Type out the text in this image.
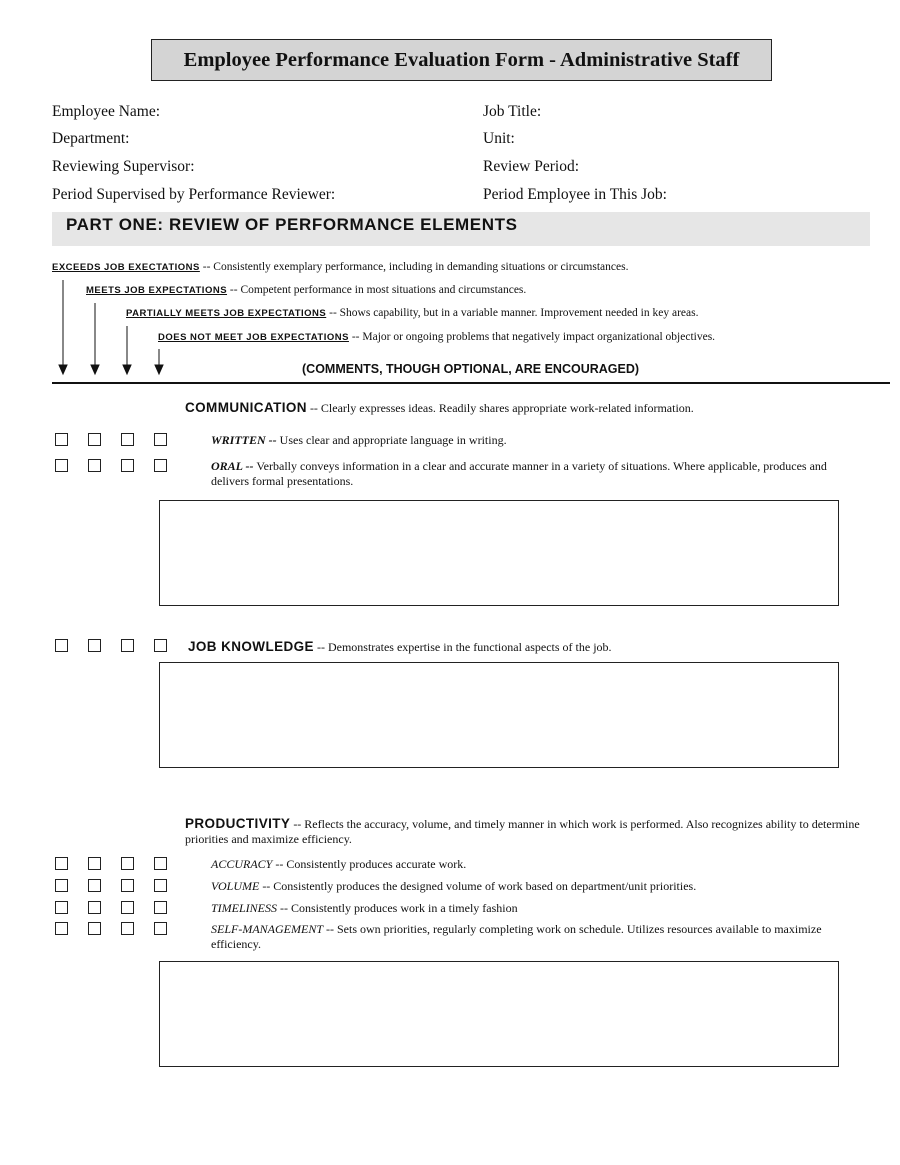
Employee Performance Evaluation Form - Administrative Staff
Employee Name:	Job Title:
Department:	Unit:
Reviewing Supervisor:	Review Period:
Period Supervised by Performance Reviewer:	Period Employee in This Job:
PART ONE: REVIEW OF PERFORMANCE ELEMENTS
EXCEEDS JOB EXECTATIONS -- Consistently exemplary performance, including in demanding situations or circumstances.
MEETS JOB EXPECTATIONS -- Competent performance in most situations and circumstances.
PARTIALLY MEETS JOB EXPECTATIONS -- Shows capability, but in a variable manner. Improvement needed in key areas.
DOES NOT MEET JOB EXPECTATIONS -- Major or ongoing problems that negatively impact organizational objectives.
(COMMENTS, THOUGH OPTIONAL, ARE ENCOURAGED)
COMMUNICATION -- Clearly expresses ideas. Readily shares appropriate work-related information.
WRITTEN -- Uses clear and appropriate language in writing.
ORAL -- Verbally conveys information in a clear and accurate manner in a variety of situations. Where applicable, produces and delivers formal presentations.
JOB KNOWLEDGE -- Demonstrates expertise in the functional aspects of the job.
PRODUCTIVITY -- Reflects the accuracy, volume, and timely manner in which work is performed. Also recognizes ability to determine priorities and maximize efficiency.
ACCURACY -- Consistently produces accurate work.
VOLUME -- Consistently produces the designed volume of work based on department/unit priorities.
TIMELINESS -- Consistently produces work in a timely fashion
SELF-MANAGEMENT -- Sets own priorities, regularly completing work on schedule. Utilizes resources available to maximize efficiency.
